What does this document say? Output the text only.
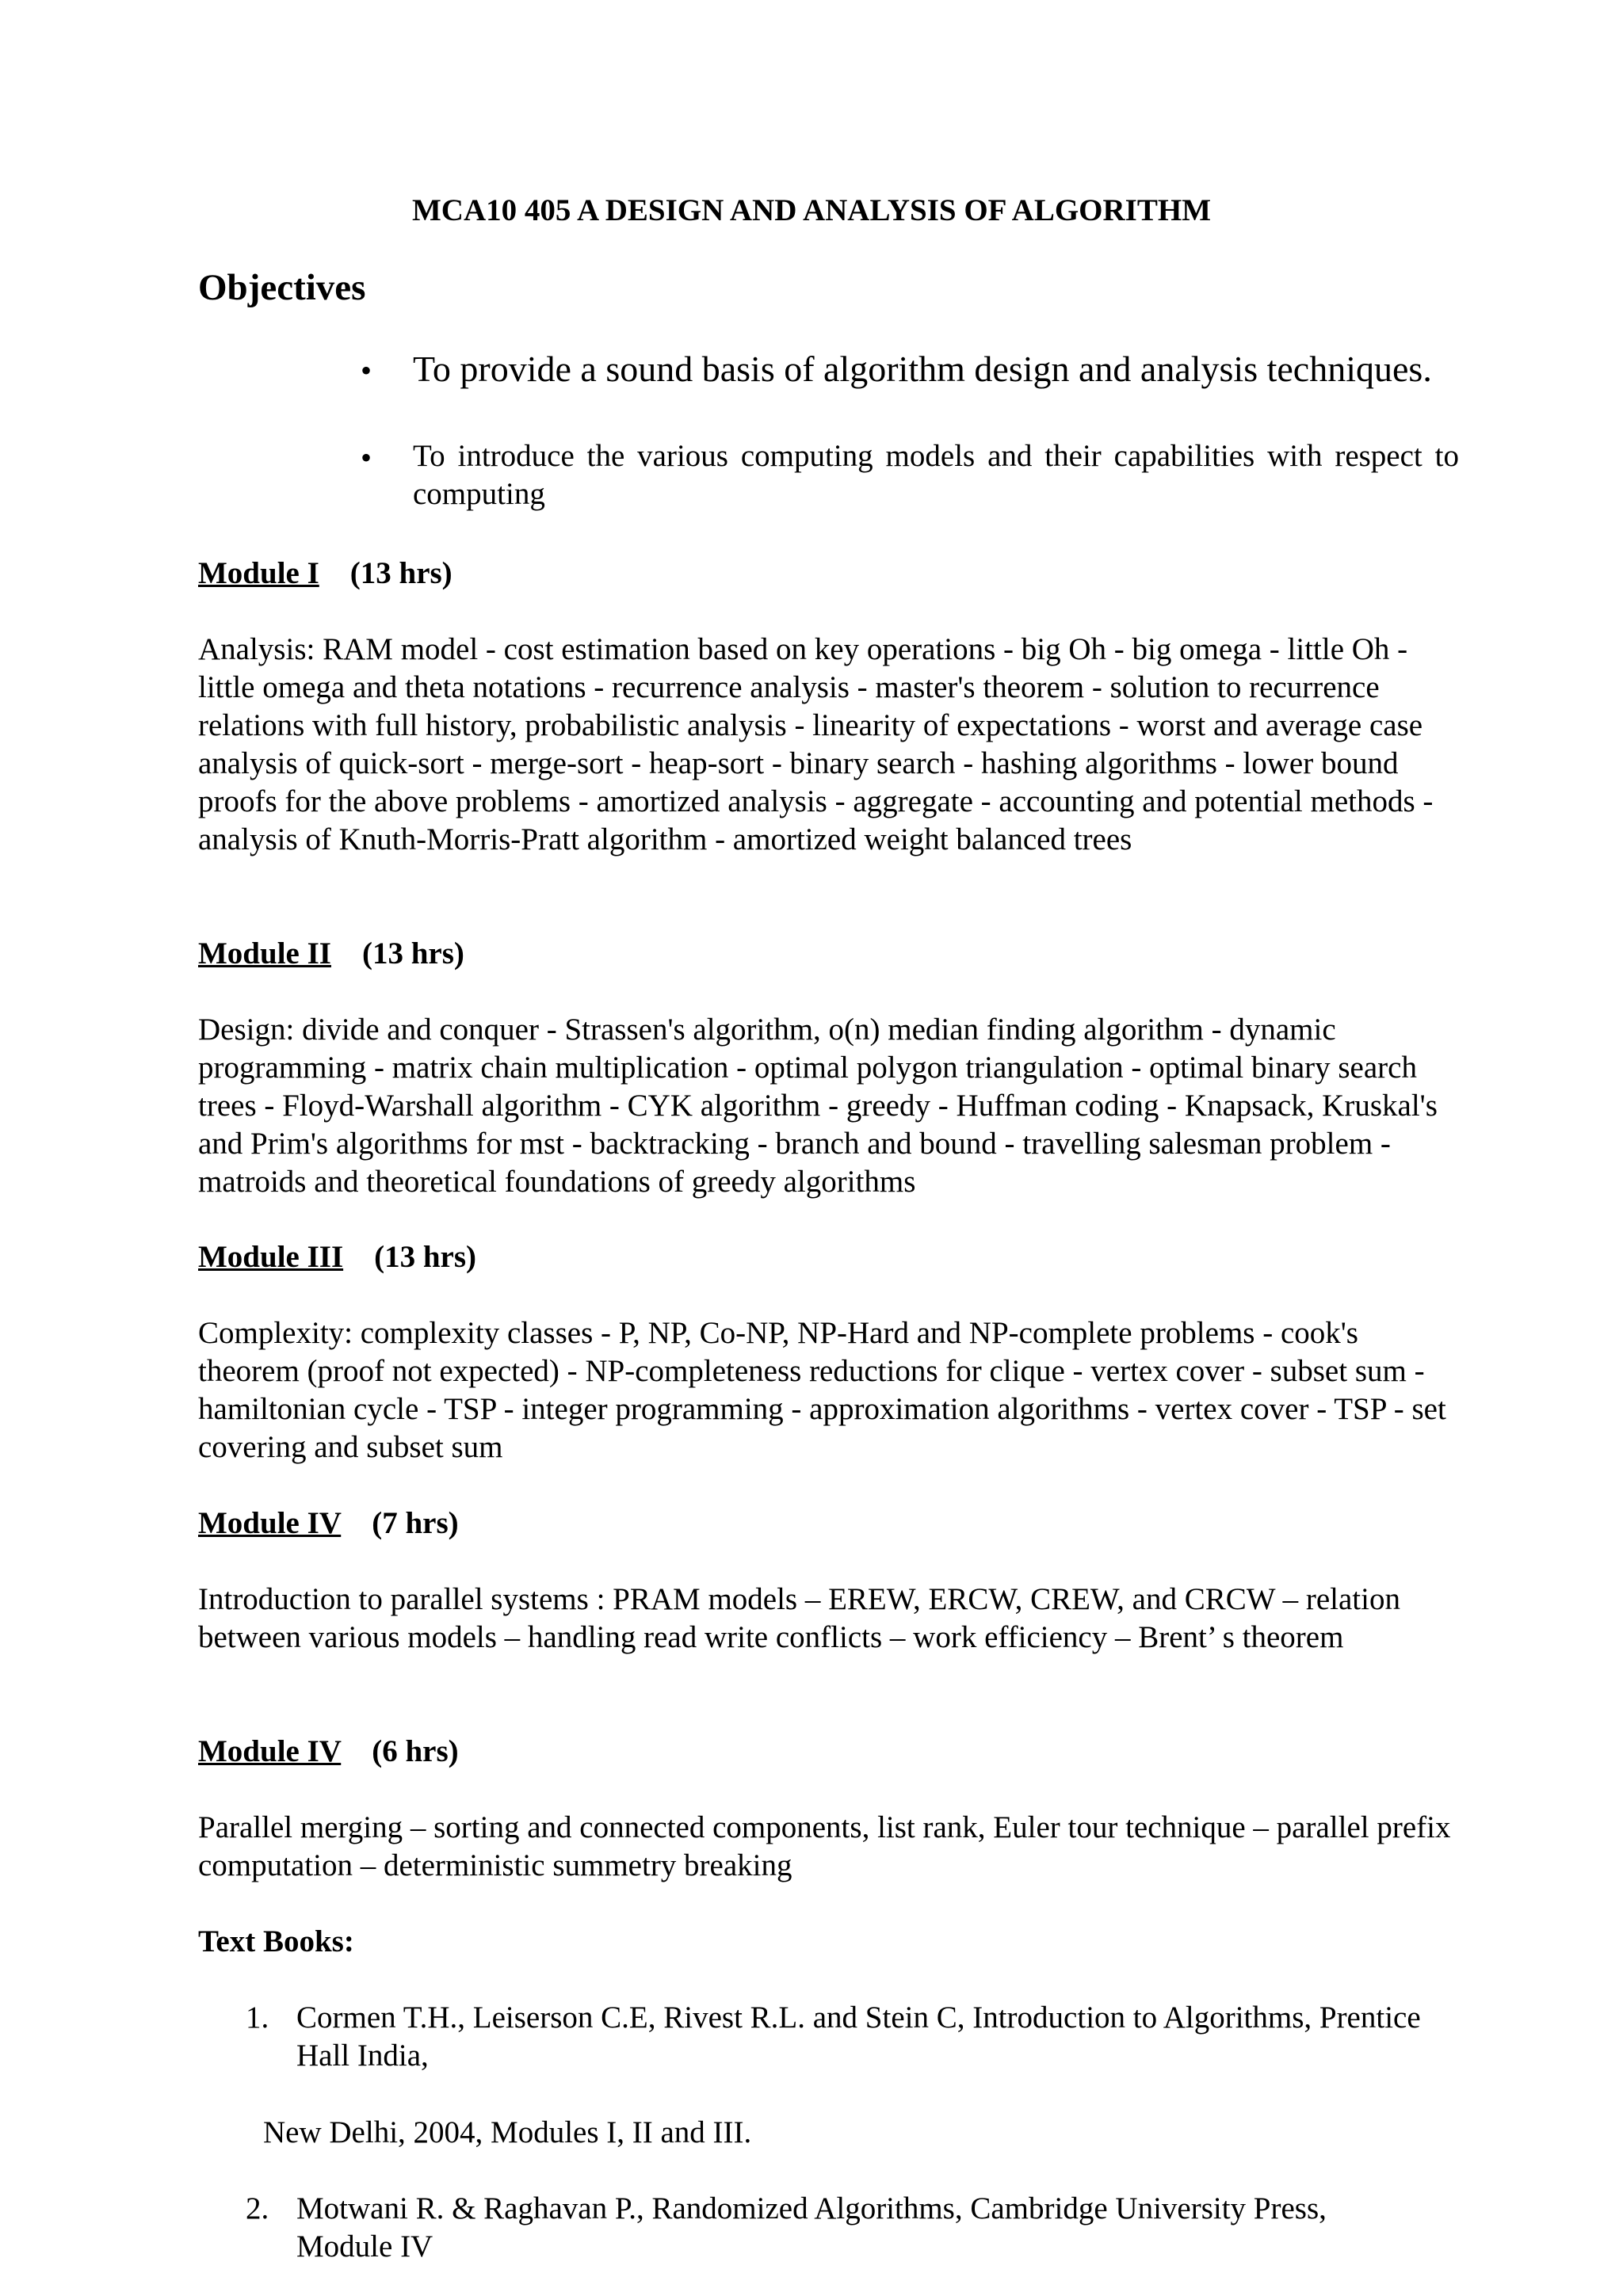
MCA10 405 A DESIGN AND ANALYSIS OF ALGORITHM
Objectives
• To provide a sound basis of algorithm design and analysis techniques.
• To introduce the various computing models and their capabilities with respect to computing
Module I (13 hrs)
Analysis: RAM model - cost estimation based on key operations - big Oh - big omega - little Oh - little omega and theta notations - recurrence analysis - master's theorem - solution to recurrence relations with full history, probabilistic analysis - linearity of expectations - worst and average case analysis of quick-sort - merge-sort - heap-sort - binary search - hashing algorithms - lower bound proofs for the above problems - amortized analysis - aggregate - accounting and potential methods - analysis of Knuth-Morris-Pratt algorithm - amortized weight balanced trees
Module II (13 hrs)
Design: divide and conquer - Strassen's algorithm, o(n) median finding algorithm - dynamic programming - matrix chain multiplication - optimal polygon triangulation - optimal binary search trees - Floyd-Warshall algorithm - CYK algorithm - greedy - Huffman coding - Knapsack, Kruskal's and Prim's algorithms for mst - backtracking - branch and bound - travelling salesman problem - matroids and theoretical foundations of greedy algorithms
Module III (13 hrs)
Complexity: complexity classes - P, NP, Co-NP, NP-Hard and NP-complete problems - cook's theorem (proof not expected) - NP-completeness reductions for clique - vertex cover - subset sum - hamiltonian cycle - TSP - integer programming - approximation algorithms - vertex cover - TSP - set covering and subset sum
Module IV (7 hrs)
Introduction to parallel systems : PRAM models – EREW, ERCW, CREW, and CRCW – relation between various models – handling read write conflicts – work efficiency – Brent’ s theorem
Module IV (6 hrs)
Parallel merging – sorting and connected components, list rank, Euler tour technique – parallel prefix computation – deterministic summetry breaking
Text Books:
1. Cormen T.H., Leiserson C.E, Rivest R.L. and Stein C, Introduction to Algorithms, Prentice Hall India,
New Delhi, 2004, Modules I, II and III.
2. Motwani R. & Raghavan P., Randomized Algorithms, Cambridge University Press, Module IV
